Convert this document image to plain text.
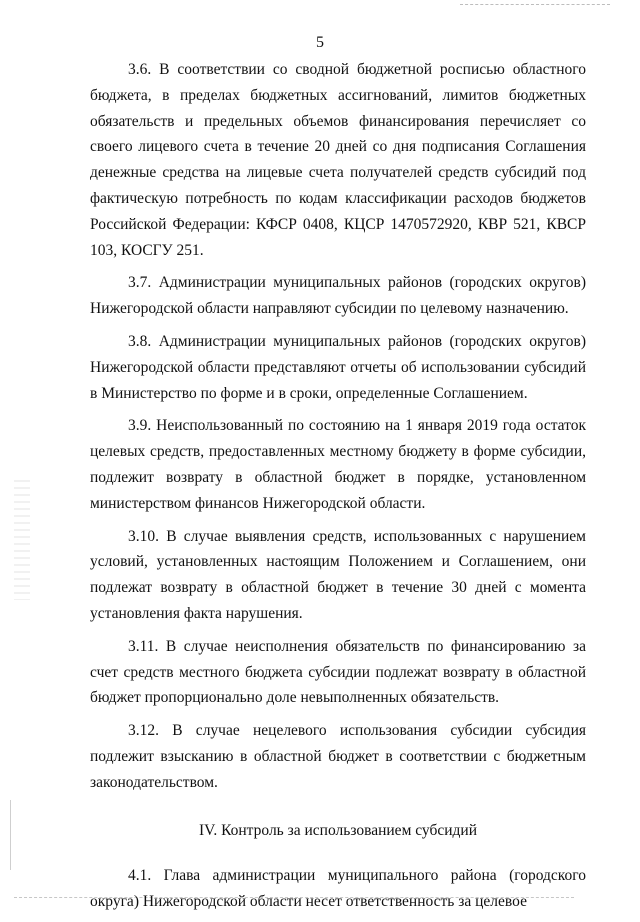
5

3.6. В соответствии со сводной бюджетной росписью областного бюджета, в пределах бюджетных ассигнований, лимитов бюджетных обязательств и предельных объемов финансирования перечисляет со своего лицевого счета в течение 20 дней со дня подписания Соглашения денежные средства на лицевые счета получателей средств субсидий под фактическую потребность по кодам классификации расходов бюджетов Российской Федерации: КФСР 0408, КЦСР 1470572920, КВР 521, КВСР 103, КОСГУ 251.

3.7. Администрации муниципальных районов (городских округов) Нижегородской области направляют субсидии по целевому назначению.

3.8. Администрации муниципальных районов (городских округов) Нижегородской области представляют отчеты об использовании субсидий в Министерство по форме и в сроки, определенные Соглашением.

3.9. Неиспользованный по состоянию на 1 января 2019 года остаток целевых средств, предоставленных местному бюджету в форме субсидии, подлежит возврату в областной бюджет в порядке, установленном министерством финансов Нижегородской области.

3.10. В случае выявления средств, использованных с нарушением условий, установленных настоящим Положением и Соглашением, они подлежат возврату в областной бюджет в течение 30 дней с момента установления факта нарушения.

3.11. В случае неисполнения обязательств по финансированию за счет средств местного бюджета субсидии подлежат возврату в областной бюджет пропорционально доле невыполненных обязательств.

3.12. В случае нецелевого использования субсидии субсидия подлежит взысканию в областной бюджет в соответствии с бюджетным законодательством.

IV. Контроль за использованием субсидий

4.1. Глава администрации муниципального района (городского округа) Нижегородской области несет ответственность за целевое
